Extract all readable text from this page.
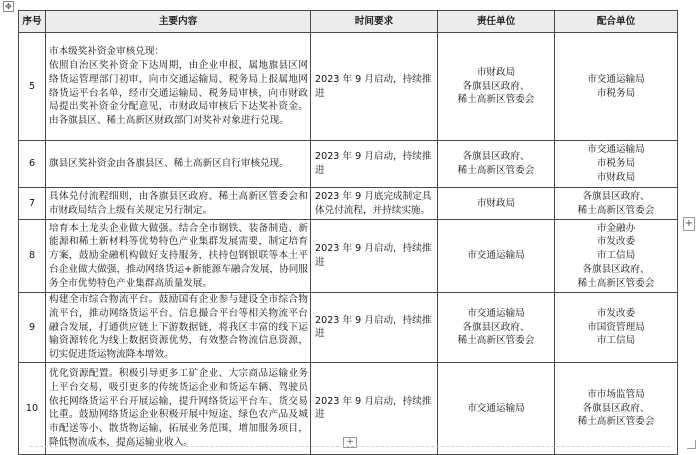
✥
序号	主要内容	时间要求	责任单位	配合单位
5	市本级奖补资金审核兑现：
依照自治区奖补资金下达周期，由企业申报，属地旗县区网络货运管理部门初审，向市交通运输局、税务局上报属地网络货运平台名单，经市交通运输局、税务局审核，向市财政局提出奖补资金分配意见，市财政局审核后下达奖补资金。由各旗县区、稀土高新区财政部门对奖补对象进行兑现。	2023 年 9 月启动，持续推进	市财政局
各旗县区政府、
稀土高新区管委会	市交通运输局
市税务局
6	旗县区奖补资金由各旗县区、稀土高新区自行审核兑现。	2023 年 9 月启动，持续推进	各旗县区政府、
稀土高新区管委会	市交通运输局
市税务局
市财政局
7	具体兑付流程细则，由各旗县区政府、稀土高新区管委会和市财政局结合上级有关规定另行制定。	2023 年 9 月底完成制定具体兑付流程，并持续实施。	市财政局	各旗县区政府、
稀土高新区管委会
8	培育本土龙头企业做大做强。结合全市钢铁、装备制造、新能源和稀土新材料等优势特色产业集群发展需要，制定培育方案，鼓励金融机构做好支持服务，扶持包钢银联等本土平台企业做大做强，推动网络货运+新能源车融合发展，协同服务全市优势特色产业集群高质量发展。	2023 年 9 月启动，持续推进	市交通运输局	市金融办
市发改委
市工信局
各旗县区政府、
稀土高新区管委会
9	构建全市综合物流平台。鼓励国有企业参与建设全市综合物流平台，推动网络货运平台、信息撮合平台等相关物流平台融合发展，打通供应链上下游数据链，将我区丰富的线下运输资源转化为线上数据资源优势，有效整合物流信息资源，切实促进货运物流降本增效。	2023 年 9 月启动，持续推进	市交通运输局
各旗县区政府、
稀土高新区管委会	市发改委
市国资管理局
市工信局
10	优化资源配置。积极引导更多工矿企业、大宗商品运输业务上平台交易，吸引更多的传统货运企业和货运车辆、驾驶员依托网络货运平台开展运输，提升网络货运平台车、货交易比重。鼓励网络货运企业积极开展中短途、绿色农产品及城市配送等小、散货物运输，拓展业务范围，增加服务项目，降低物流成本，提高运输业收入。	2023 年 9 月启动，持续推进	市交通运输局	市市场监管局
各旗县区政府、
稀土高新区管委会
+
+
